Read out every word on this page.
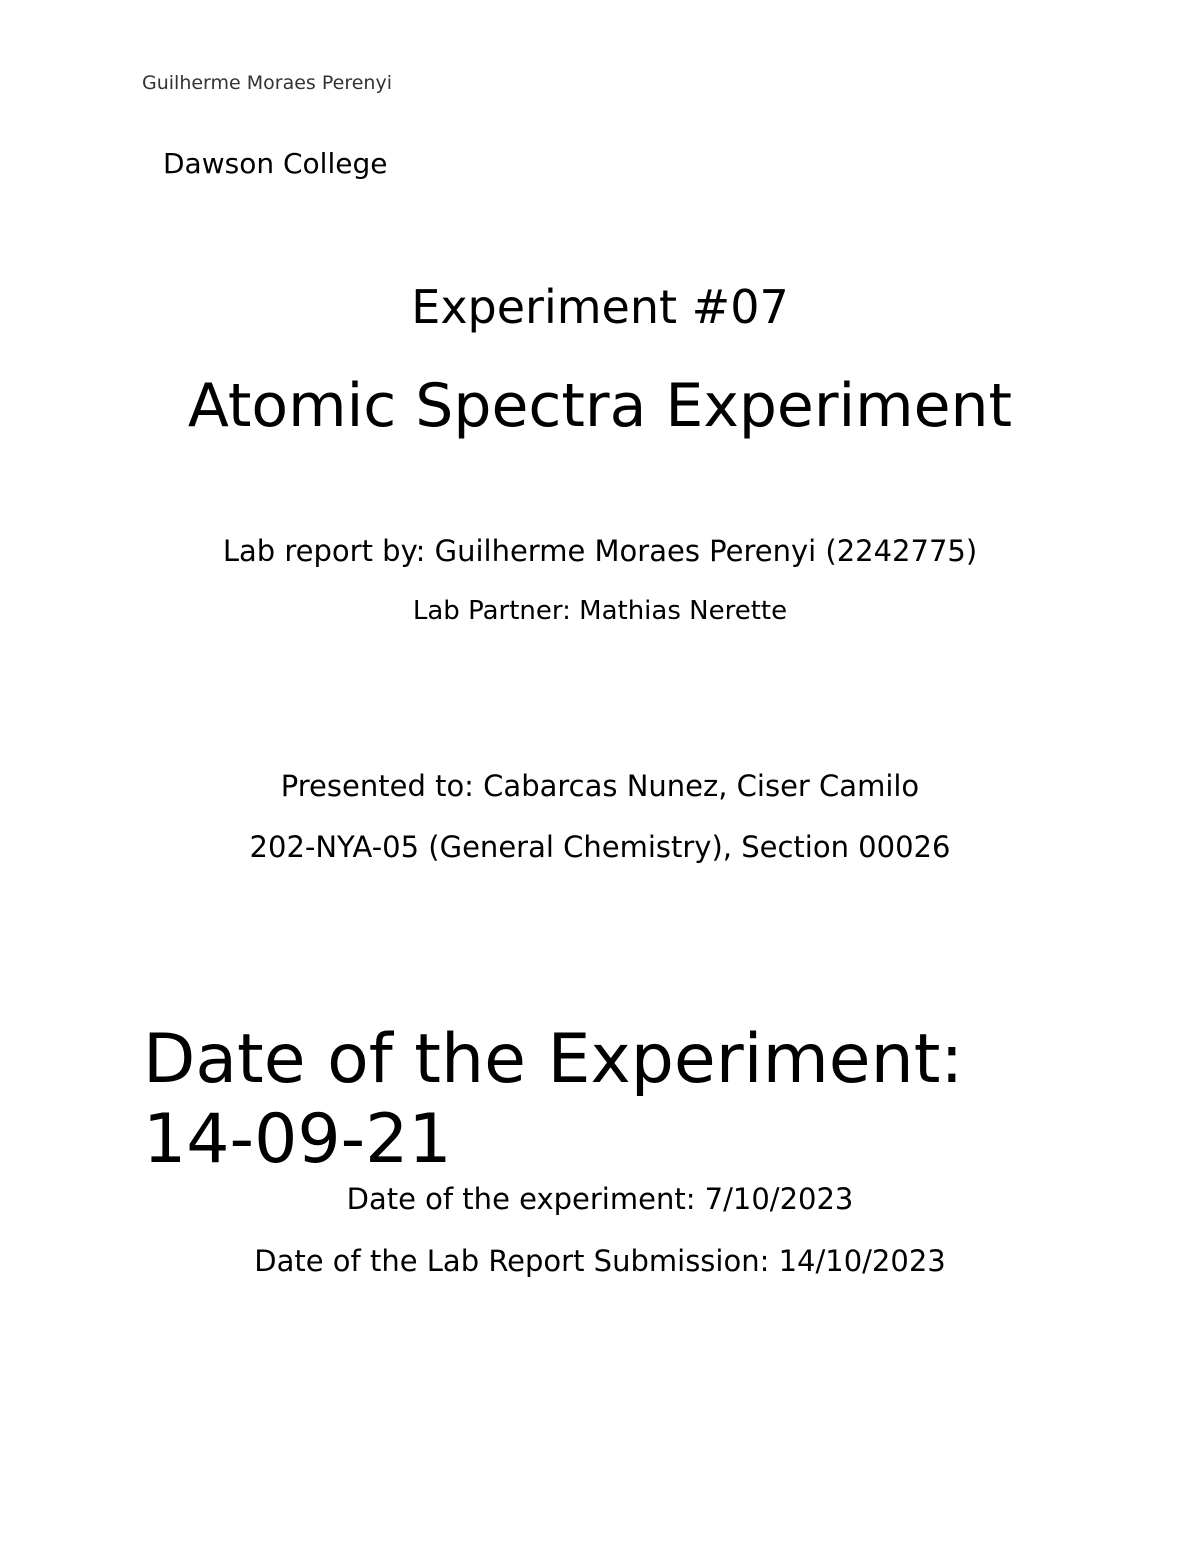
Guilherme Moraes Perenyi
Dawson College
Experiment #07
Atomic Spectra Experiment
Lab report by: Guilherme Moraes Perenyi (2242775)
Lab Partner: Mathias Nerette
Presented to: Cabarcas Nunez, Ciser Camilo
202-NYA-05 (General Chemistry), Section 00026
Date of the Experiment:
14-09-21
Date of the experiment: 7/10/2023
Date of the Lab Report Submission: 14/10/2023
